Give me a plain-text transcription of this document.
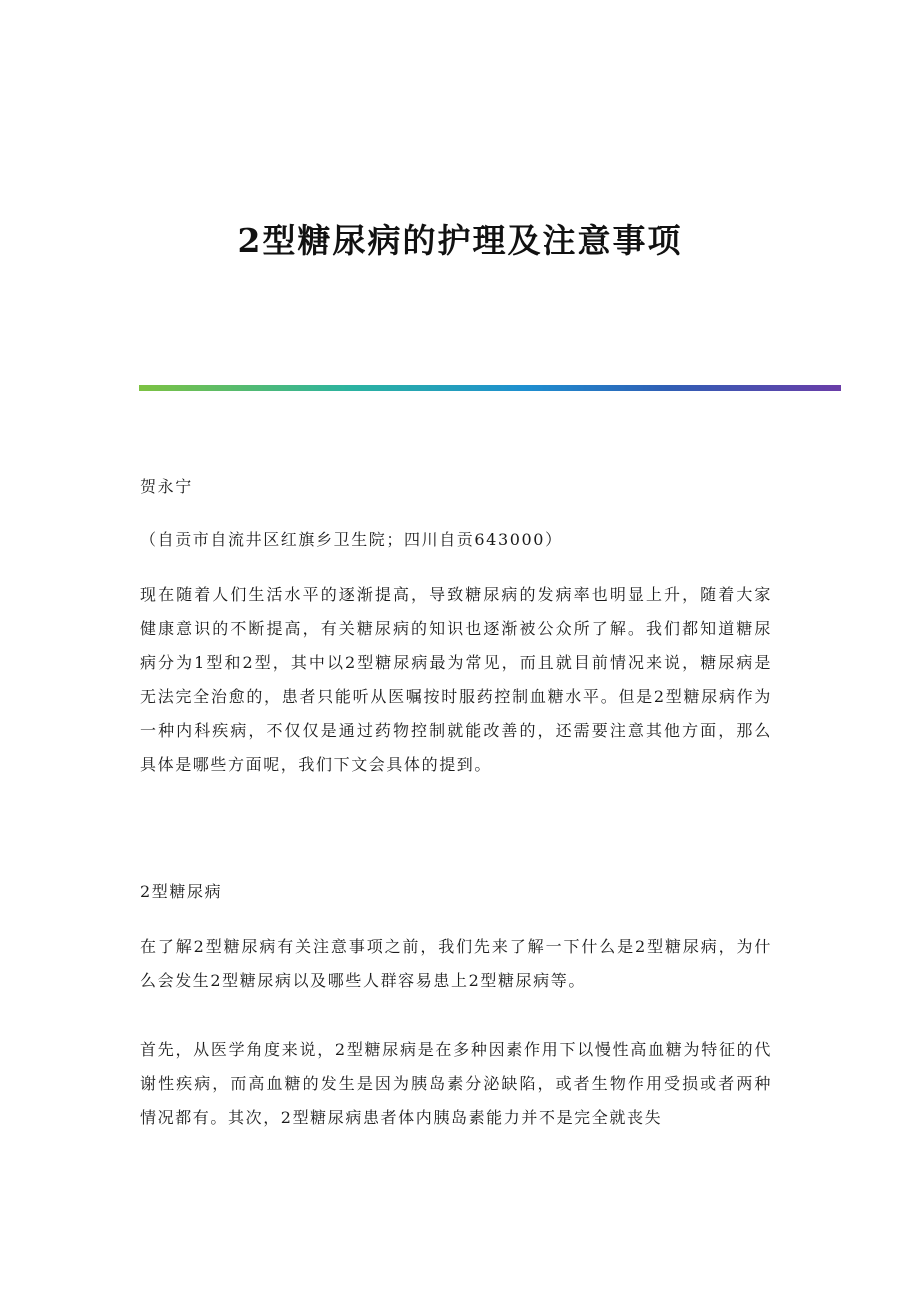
2型糖尿病的护理及注意事项

贺永宁

（自贡市自流井区红旗乡卫生院；四川自贡643000）

现在随着人们生活水平的逐渐提高，导致糖尿病的发病率也明显上升，随着大家健康意识的不断提高，有关糖尿病的知识也逐渐被公众所了解。我们都知道糖尿病分为1型和2型，其中以2型糖尿病最为常见，而且就目前情况来说，糖尿病是无法完全治愈的，患者只能听从医嘱按时服药控制血糖水平。但是2型糖尿病作为一种内科疾病，不仅仅是通过药物控制就能改善的，还需要注意其他方面，那么具体是哪些方面呢，我们下文会具体的提到。

2型糖尿病

在了解2型糖尿病有关注意事项之前，我们先来了解一下什么是2型糖尿病，为什么会发生2型糖尿病以及哪些人群容易患上2型糖尿病等。

首先，从医学角度来说，2型糖尿病是在多种因素作用下以慢性高血糖为特征的代谢性疾病，而高血糖的发生是因为胰岛素分泌缺陷，或者生物作用受损或者两种情况都有。其次，2型糖尿病患者体内胰岛素能力并不是完全就丧失
